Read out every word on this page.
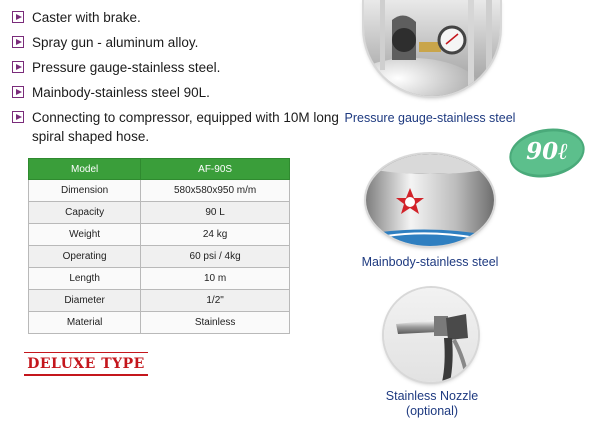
Caster with brake.
Spray gun - aluminum alloy.
Pressure gauge-stainless steel.
Mainbody-stainless steel 90L.
Connecting to compressor, equipped with 10M long spiral shaped hose.
Model	AF-90S
Dimension	580x580x950 m/m
Capacity	90 L
Weight	24 kg
Operating	60 psi / 4kg
Length	10 m
Diameter	1/2"
Material	Stainless
DELUXE TYPE
Pressure gauge-stainless steel
90ℓ
Mainbody-stainless steel
Stainless Nozzle
(optional)
